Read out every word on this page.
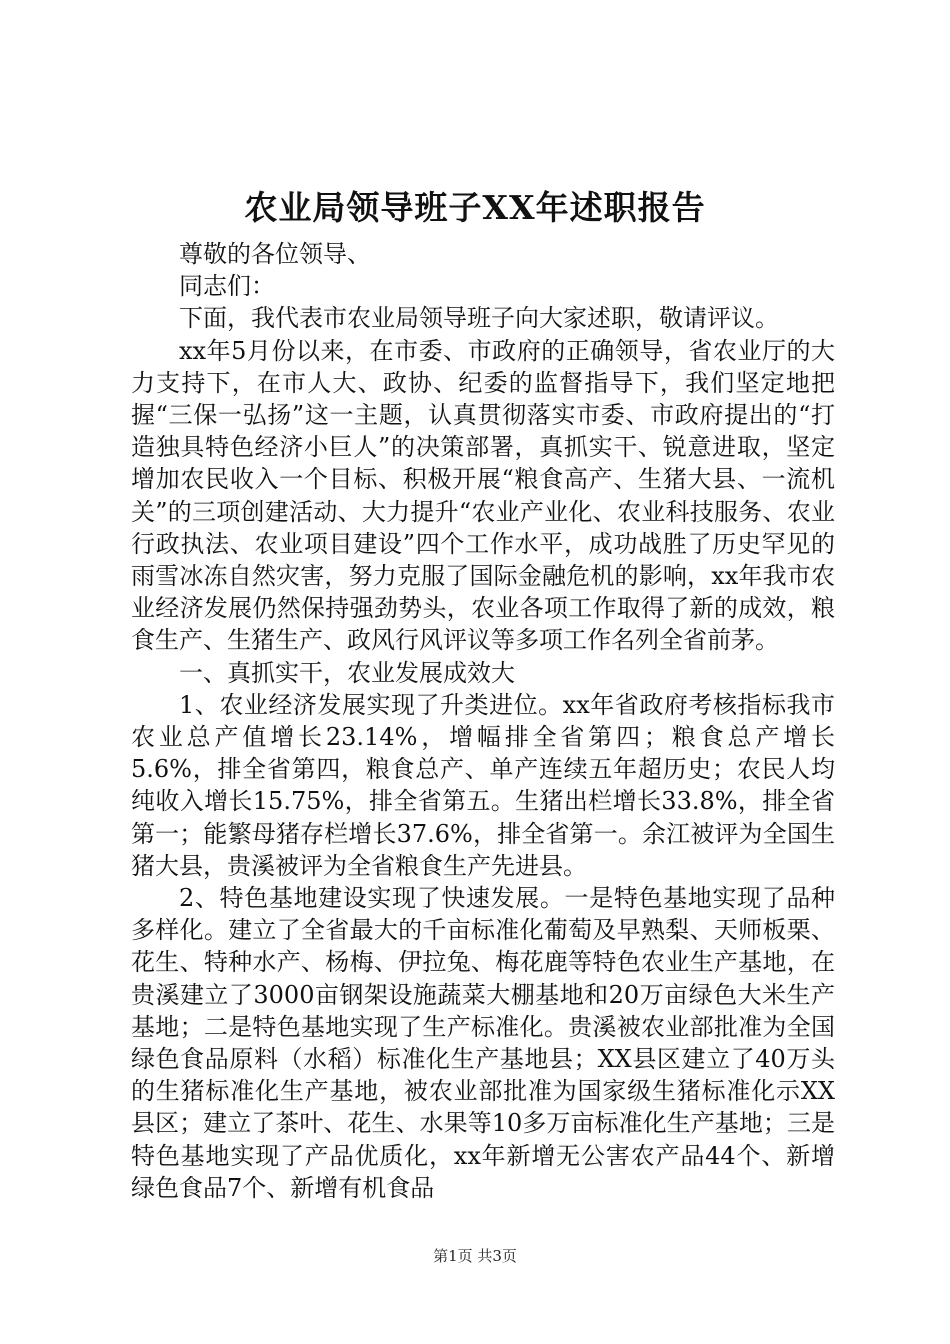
农业局领导班子XX年述职报告

尊敬的各位领导、

同志们：

下面，我代表市农业局领导班子向大家述职，敬请评议。

xx年5月份以来，在市委、市政府的正确领导，省农业厅的大力支持下，在市人大、政协、纪委的监督指导下，我们坚定地把握“三保一弘扬”这一主题，认真贯彻落实市委、市政府提出的“打造独具特色经济小巨人”的决策部署，真抓实干、锐意进取，坚定增加农民收入一个目标、积极开展“粮食高产、生猪大县、一流机关”的三项创建活动、大力提升“农业产业化、农业科技服务、农业行政执法、农业项目建设”四个工作水平，成功战胜了历史罕见的雨雪冰冻自然灾害，努力克服了国际金融危机的影响，xx年我市农业经济发展仍然保持强劲势头，农业各项工作取得了新的成效，粮食生产、生猪生产、政风行风评议等多项工作名列全省前茅。

一、真抓实干，农业发展成效大

1、农业经济发展实现了升类进位。xx年省政府考核指标我市农业总产值增长23.14%，增幅排全省第四；粮食总产增长5.6%，排全省第四，粮食总产、单产连续五年超历史；农民人均纯收入增长15.75%，排全省第五。生猪出栏增长33.8%，排全省第一；能繁母猪存栏增长37.6%，排全省第一。余江被评为全国生猪大县，贵溪被评为全省粮食生产先进县。

2、特色基地建设实现了快速发展。一是特色基地实现了品种多样化。建立了全省最大的千亩标准化葡萄及早熟梨、天师板栗、花生、特种水产、杨梅、伊拉兔、梅花鹿等特色农业生产基地，在贵溪建立了3000亩钢架设施蔬菜大棚基地和20万亩绿色大米生产基地；二是特色基地实现了生产标准化。贵溪被农业部批准为全国绿色食品原料（水稻）标准化生产基地县；XX县区建立了40万头的生猪标准化生产基地，被农业部批准为国家级生猪标准化示XX县区；建立了茶叶、花生、水果等10多万亩标准化生产基地；三是特色基地实现了产品优质化，xx年新增无公害农产品44个、新增绿色食品7个、新增有机食品

第1页 共3页
